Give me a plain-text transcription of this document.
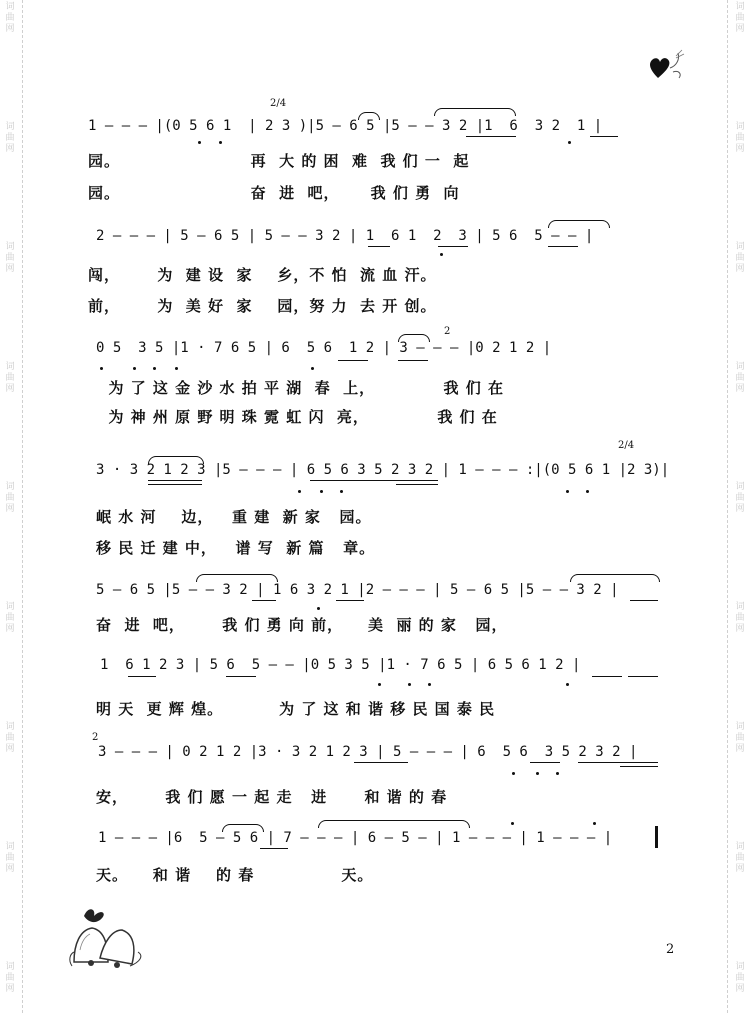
词曲网
词曲网
词曲网
词曲网
词曲网
词曲网
词曲网
词曲网
词曲网
词曲网
词曲网
词曲网
词曲网
词曲网
词曲网
词曲网
词曲网
词曲网
1 — — — |(0 5 6 1  | 2 3 )|5 — 6 5 |5 — — 3 2 |1  6  3 2  1 |
2/4
园。                     再  大 的 困  难  我 们 一  起
园。                     奋  进  吧，     我 们 勇  向
2 — — — | 5 — 6 5 | 5 — — 3 2 | 1  6 1  2  3 | 5 6  5 — — |
闯，      为  建 设  家    乡，不 怕  流 血 汗。
前，      为  美 好  家    园，努 力  去 开 创。
0 5  3 5 |1 · 7 6 5 | 6  5 6  1 2 | 3 — — — |0 2 1 2 |
2
为 了 这 金 沙 水 拍 平 湖  春  上，           我 们 在
为 神 州 原 野 明 珠 霓 虹 闪  亮，           我 们 在
3 · 3 2 1 2 3 |5 — — — | 6 5 6 3 5 2 3 2 | 1 — — — :|(0 5 6 1 |2 3)|
2/4
岷 水 河    边，   重 建  新 家   园。
移 民 迁 建 中，   谱 写  新 篇   章。
5 — 6 5 |5 — — 3 2 | 1 6 3 2 1 |2 — — — | 5 — 6 5 |5 — — 3 2 |
奋  进  吧，      我 们 勇 向 前，    美  丽 的 家   园，
1  6 1 2 3 | 5 6  5 — — |0 5 3 5 |1 · 7 6 5 | 6 5 6 1 2 |
明 天  更 辉 煌。         为 了 这 和 谐 移 民 国 泰 民
3 — — — | 0 2 1 2 |3 · 3 2 1 2 3 | 5 — — — | 6  5 6  3 5 2 3 2 |
2
安，      我 们 愿 一 起 走   进      和 谐 的 春
1 — — — |6  5 — 5 6 | 7 — — — | 6 — 5 — | 1 — — — | 1 — — — |
天。    和 谐    的 春              天。
2
